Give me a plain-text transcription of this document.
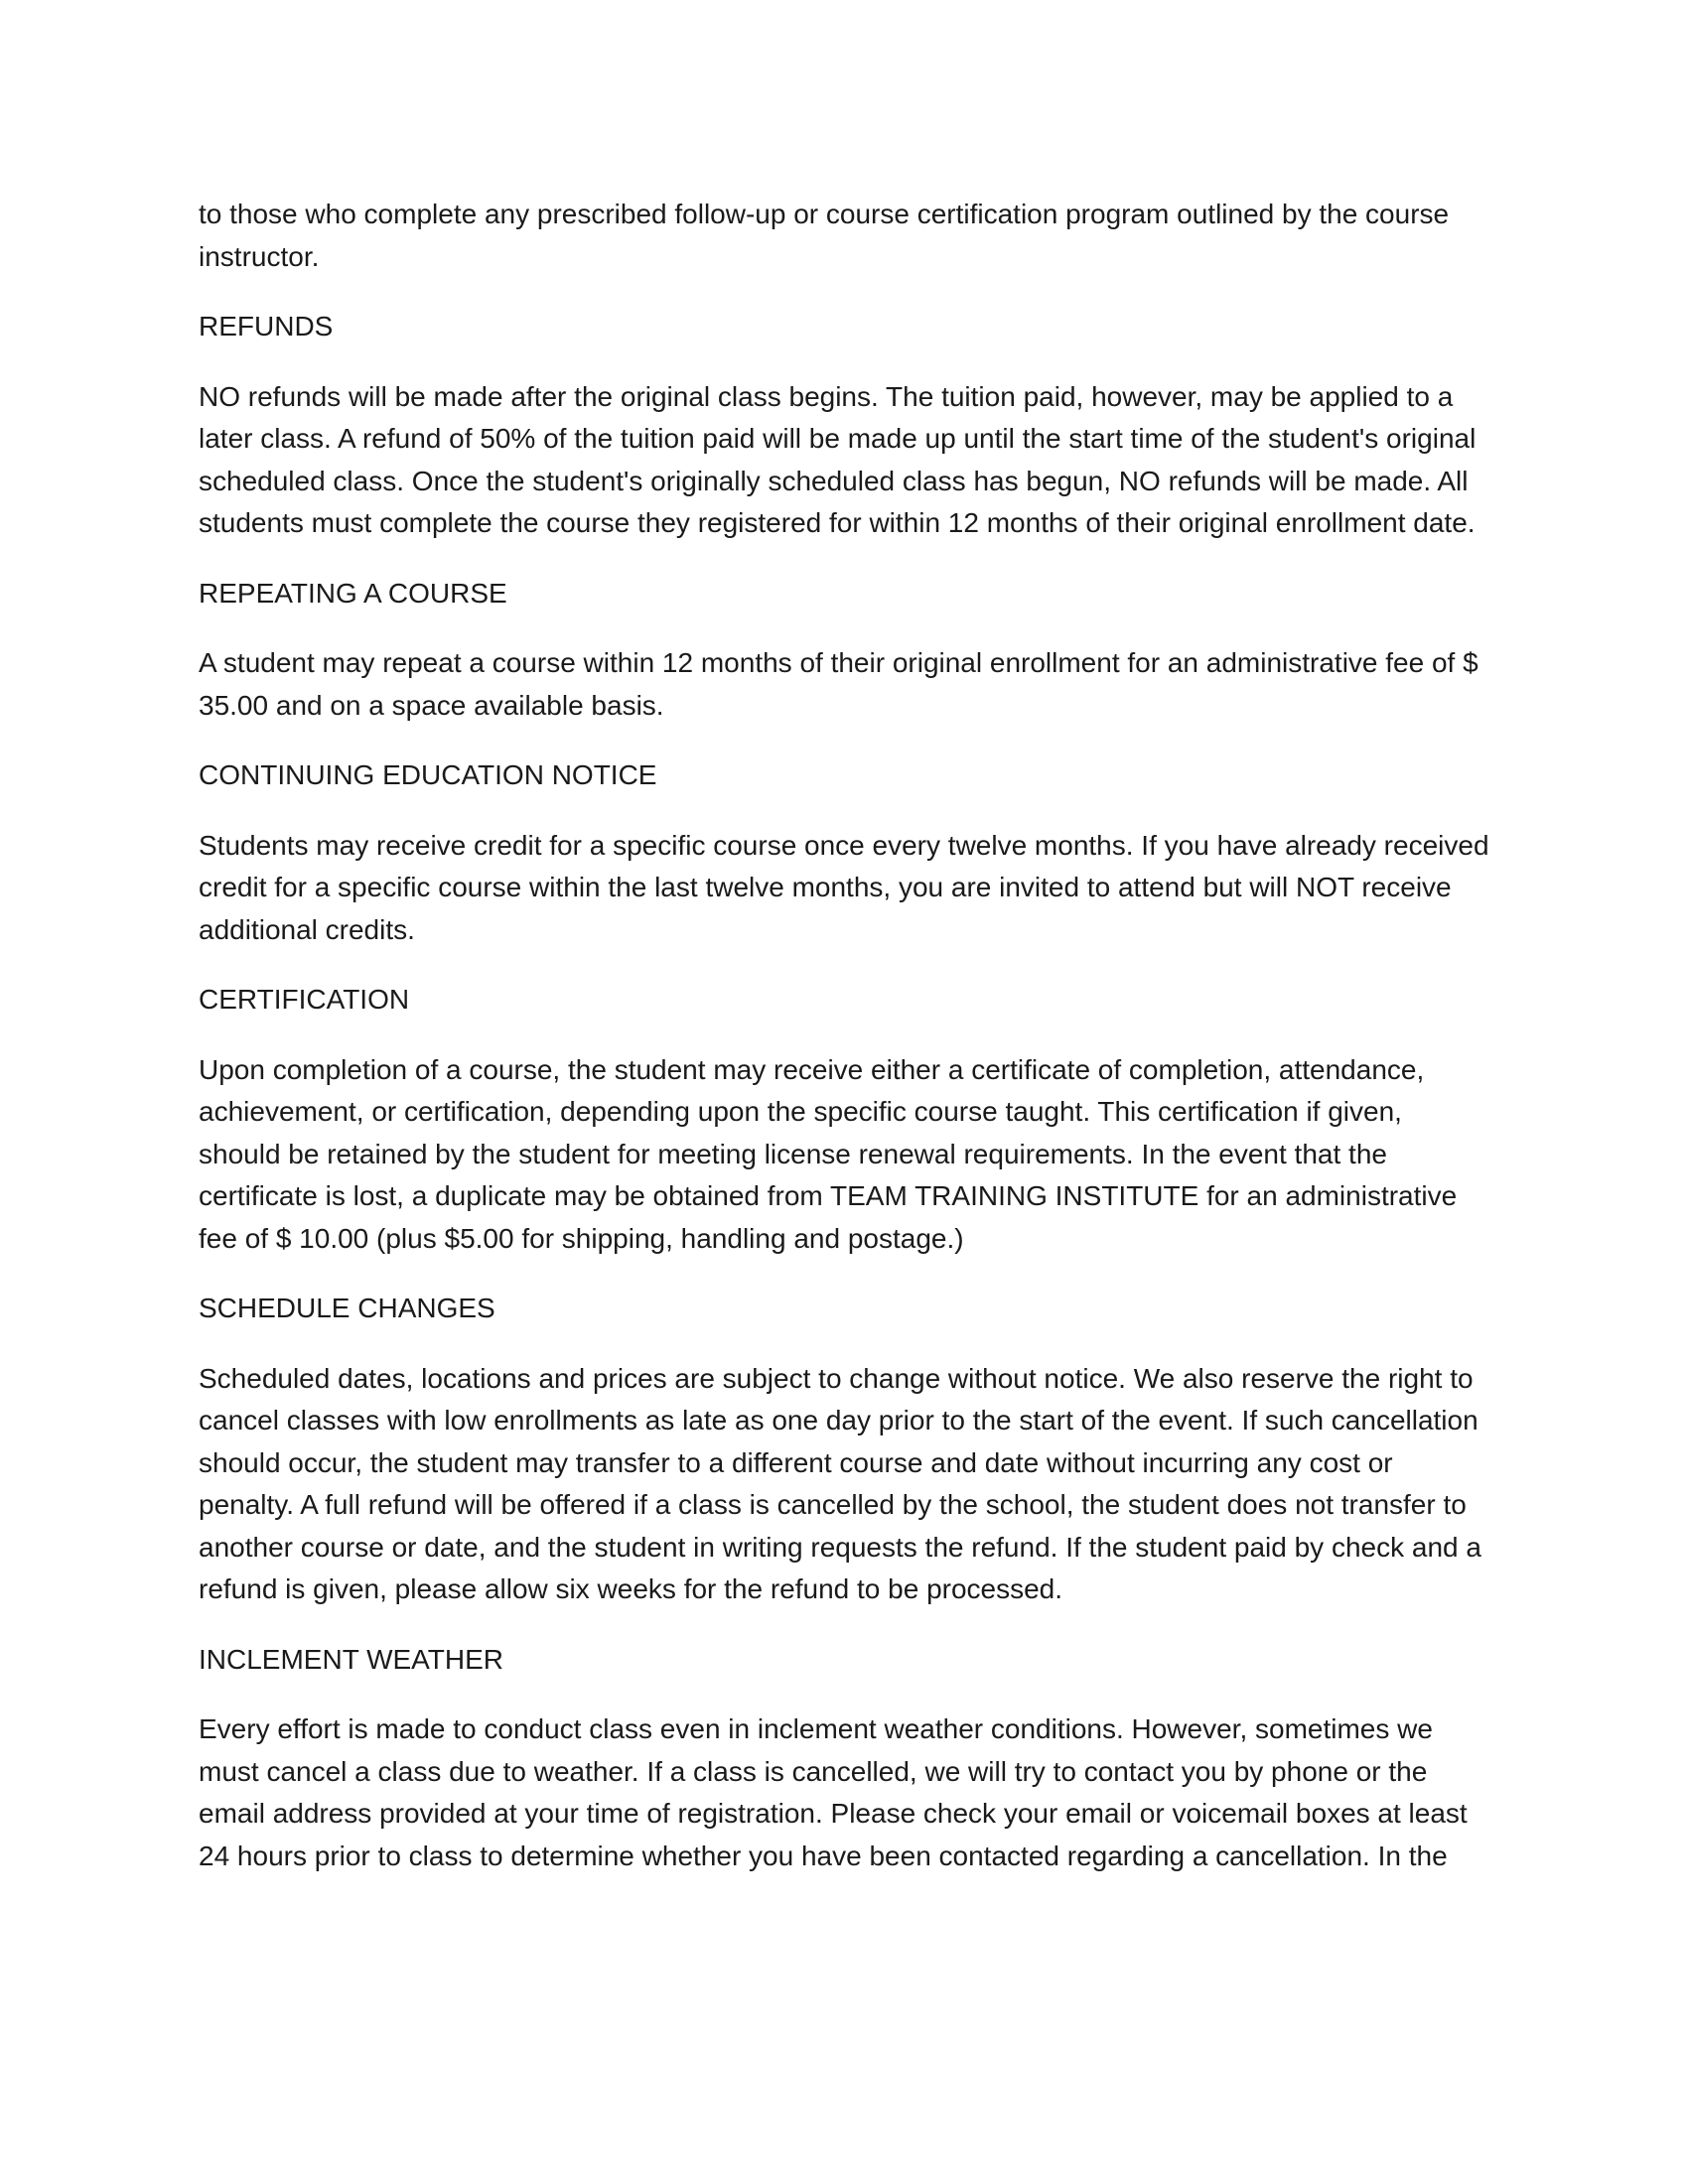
to those who complete any prescribed follow-up or course certification program outlined by the course instructor.

REFUNDS

NO refunds will be made after the original class begins. The tuition paid, however, may be applied to a later class. A refund of 50% of the tuition paid will be made up until the start time of the student's original scheduled class. Once the student's originally scheduled class has begun, NO refunds will be made. All students must complete the course they registered for within 12 months of their original enrollment date.

REPEATING A COURSE

A student may repeat a course within 12 months of their original enrollment for an administrative fee of $ 35.00 and on a space available basis.

CONTINUING EDUCATION NOTICE

Students may receive credit for a specific course once every twelve months. If you have already received credit for a specific course within the last twelve months, you are invited to attend but will NOT receive additional credits.

CERTIFICATION

Upon completion of a course, the student may receive either a certificate of completion, attendance, achievement, or certification, depending upon the specific course taught. This certification if given, should be retained by the student for meeting license renewal requirements. In the event that the certificate is lost, a duplicate may be obtained from TEAM TRAINING INSTITUTE for an administrative fee of $ 10.00 (plus $5.00 for shipping, handling and postage.)

SCHEDULE CHANGES

Scheduled dates, locations and prices are subject to change without notice. We also reserve the right to cancel classes with low enrollments as late as one day prior to the start of the event. If such cancellation should occur, the student may transfer to a different course and date without incurring any cost or penalty. A full refund will be offered if a class is cancelled by the school, the student does not transfer to another course or date, and the student in writing requests the refund. If the student paid by check and a refund is given, please allow six weeks for the refund to be processed.

INCLEMENT WEATHER

Every effort is made to conduct class even in inclement weather conditions. However, sometimes we must cancel a class due to weather. If a class is cancelled, we will try to contact you by phone or the email address provided at your time of registration. Please check your email or voicemail boxes at least 24 hours prior to class to determine whether you have been contacted regarding a cancellation. In the
